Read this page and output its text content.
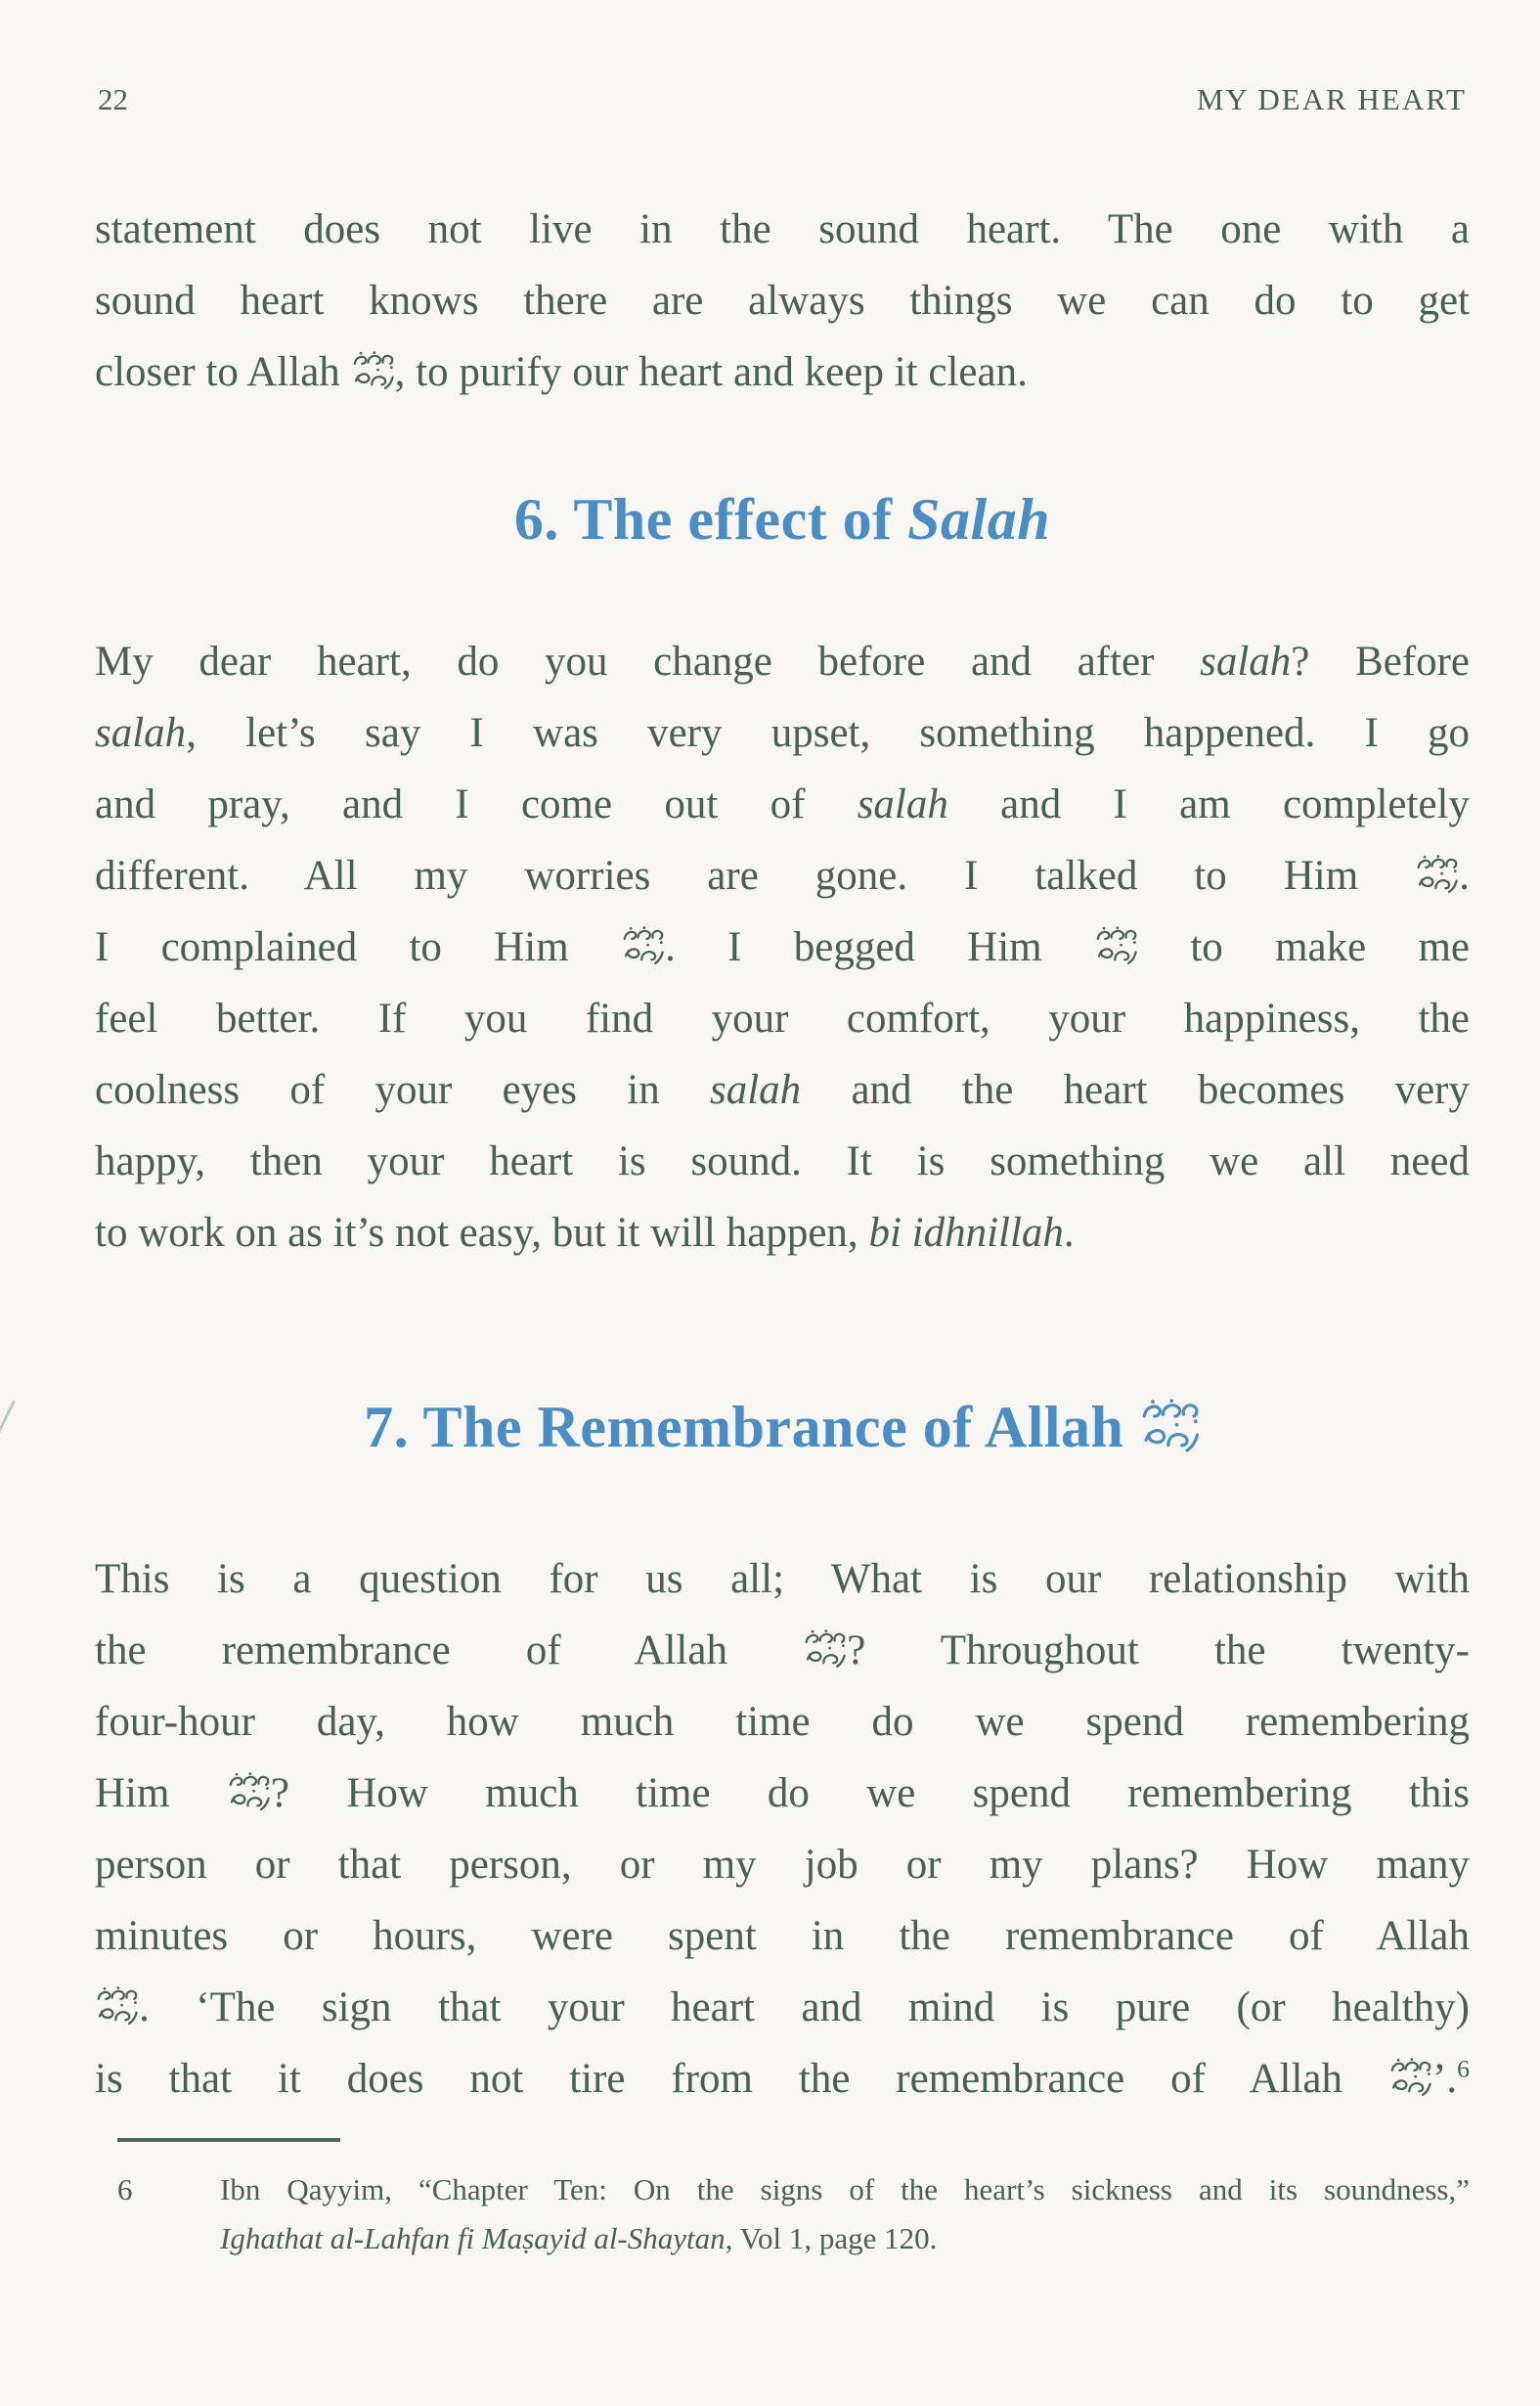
22	MY DEAR HEART
statement does not live in the sound heart. The one with a
sound heart knows there are always things we can do to get
closer to Allah , to purify our heart and keep it clean.
6. The effect of Salah
My dear heart, do you change before and after salah? Before
salah, let’s say I was very upset, something happened. I go
and pray, and I come out of salah and I am completely
different. All my worries are gone. I talked to Him .
I complained to Him . I begged Him  to make me
feel better. If you find your comfort, your happiness, the
coolness of your eyes in salah and the heart becomes very
happy, then your heart is sound. It is something we all need
to work on as it’s not easy, but it will happen, bi idhnillah.
7. The Remembrance of Allah
This is a question for us all; What is our relationship with
the remembrance of Allah ? Throughout the twenty-
four-hour day, how much time do we spend remembering
Him ? How much time do we spend remembering this
person or that person, or my job or my plans? How many
minutes or hours, were spent in the remembrance of Allah
. ‘The sign that your heart and mind is pure (or healthy)
is that it does not tire from the remembrance of Allah ’.$^6$
6	Ibn Qayyim, “Chapter Ten: On the signs of the heart’s sickness and its soundness,”
Ighathat al-Lahfan fi Maṣayid al-Shaytan, Vol 1, page 120.
